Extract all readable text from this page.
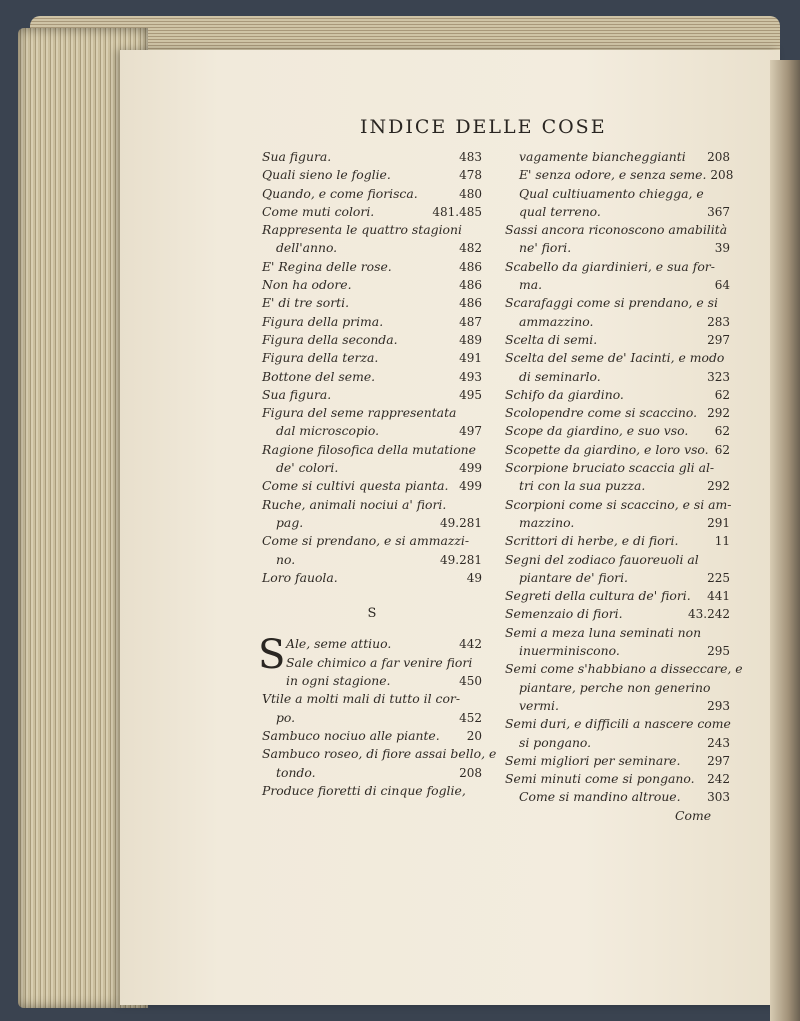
INDICE DELLE COSE
Sua figura.	483
Quali sieno le foglie.	478
Quando, e come fiorisca.	480
Come muti colori.	481.485
Rappresenta le quattro stagioni
dell'anno.	482
E' Regina delle rose.	486
Non ha odore.	486
E' di tre sorti.	486
Figura della prima.	487
Figura della seconda.	489
Figura della terza.	491
Bottone del seme.	493
Sua figura.	495
Figura del seme rappresentata
dal microscopio.	497
Ragione filosofica della mutatione
de' colori.	499
Come si cultivi questa pianta. 499
Ruche, animali nociui a' fiori.
pag.	49.281
Come si prendano, e si ammazzi-
no.	49.281
Loro fauola.	49
S
S Ale, seme attiuo.	442
Sale chimico a far venire fiori
in ogni stagione.	450
Vtile a molti mali di tutto il cor-
po.	452
Sambuco nociuo alle piante. 20
Sambuco roseo, di fiore assai bello, e
tondo.	208
Produce fioretti di cinque foglie,
vagamente biancheggianti 208
E' senza odore, e senza seme. 208
Qual cultiuamento chiegga, e
qual terreno.	367
Sassi ancora riconoscono amabilità
ne' fiori.	39
Scabello da giardinieri, e sua for-
ma.	64
Scarafaggi come si prendano, e si
ammazzino.	283
Scelta di semi.	297
Scelta del seme de' Iacinti, e modo
di seminarlo.	323
Schifo da giardino.	62
Scolopendre come si scaccino. 292
Scope da giardino, e suo vso. 62
Scopette da giardino, e loro vso. 62
Scorpione bruciato scaccia gli al-
tri con la sua puzza.	292
Scorpioni come si scaccino, e si am-
mazzino.	291
Scrittori di herbe, e di fiori.	11
Segni del zodiaco fauoreuoli al
piantare de' fiori.	225
Segreti della cultura de' fiori. 441
Semenzaio di fiori.	43.242
Semi a meza luna seminati non
inuerminiscono.	295
Semi come s'habbiano a disseccare, e
piantare, perche non generino
vermi.	293
Semi duri, e difficili a nascere come
si pongano.	243
Semi migliori per seminare. 297
Semi minuti come si pongano. 242
Come si mandino altroue. 303
Come
